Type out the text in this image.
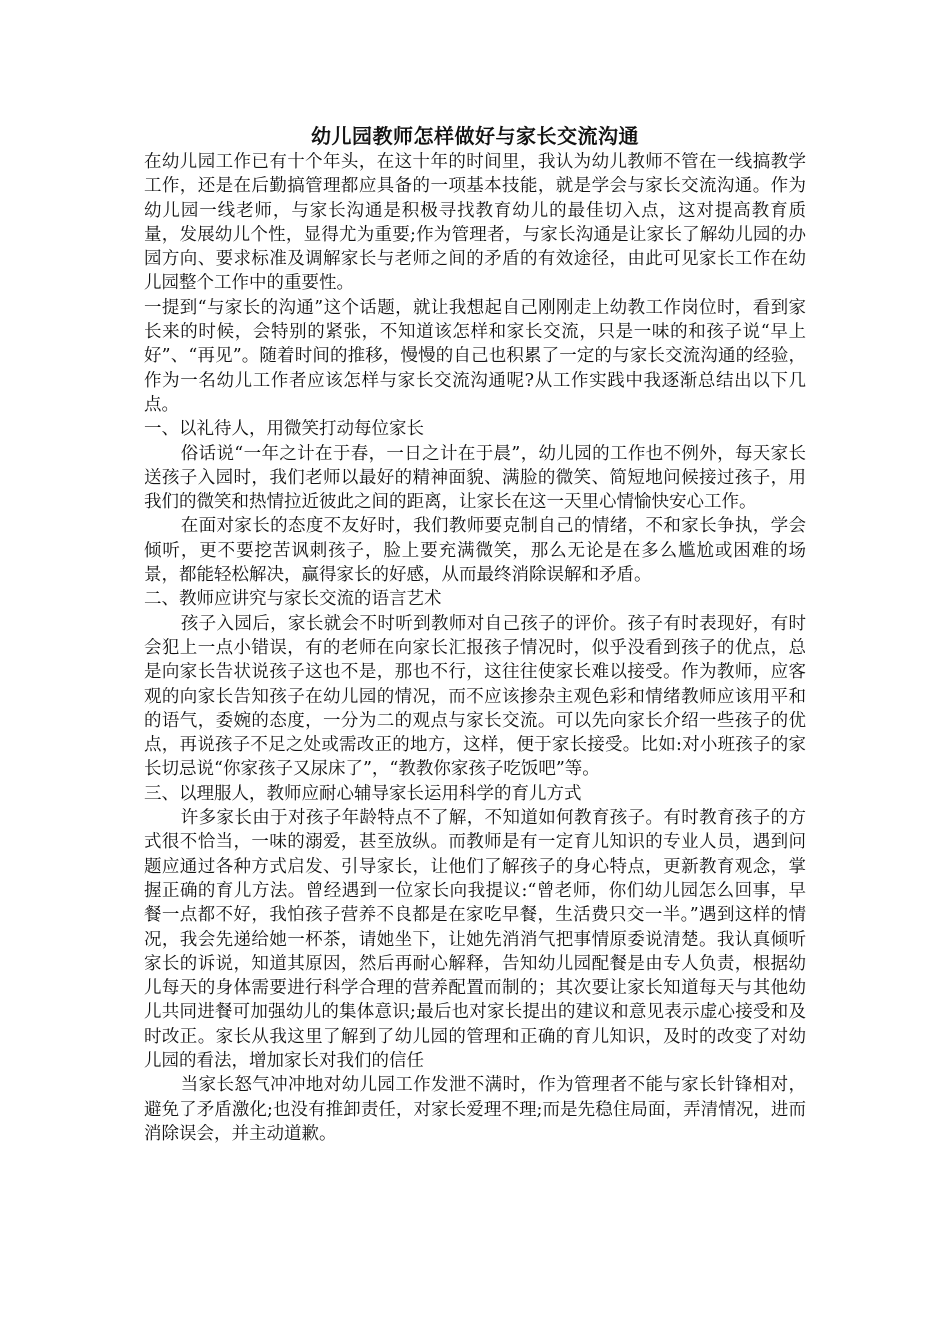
幼儿园教师怎样做好与家长交流沟通

在幼儿园工作已有十个年头，在这十年的时间里，我认为幼儿教师不管在一线搞教学工作，还是在后勤搞管理都应具备的一项基本技能，就是学会与家长交流沟通。作为幼儿园一线老师，与家长沟通是积极寻找教育幼儿的最佳切入点，这对提高教育质量，发展幼儿个性，显得尤为重要;作为管理者，与家长沟通是让家长了解幼儿园的办园方向、要求标准及调解家长与老师之间的矛盾的有效途径，由此可见家长工作在幼儿园整个工作中的重要性。

一提到“与家长的沟通”这个话题，就让我想起自己刚刚走上幼教工作岗位时，看到家长来的时候，会特别的紧张，不知道该怎样和家长交流，只是一味的和孩子说“早上好”、“再见”。随着时间的推移，慢慢的自己也积累了一定的与家长交流沟通的经验，作为一名幼儿工作者应该怎样与家长交流沟通呢?从工作实践中我逐渐总结出以下几点。

一、以礼待人，用微笑打动每位家长

俗话说“一年之计在于春，一日之计在于晨”，幼儿园的工作也不例外，每天家长送孩子入园时，我们老师以最好的精神面貌、满脸的微笑、简短地问候接过孩子，用我们的微笑和热情拉近彼此之间的距离，让家长在这一天里心情愉快安心工作。

在面对家长的态度不友好时，我们教师要克制自己的情绪，不和家长争执，学会倾听，更不要挖苦讽刺孩子，脸上要充满微笑，那么无论是在多么尴尬或困难的场景，都能轻松解决，赢得家长的好感，从而最终消除误解和矛盾。

二、教师应讲究与家长交流的语言艺术

孩子入园后，家长就会不时听到教师对自己孩子的评价。孩子有时表现好，有时会犯上一点小错误，有的老师在向家长汇报孩子情况时，似乎没看到孩子的优点，总是向家长告状说孩子这也不是，那也不行，这往往使家长难以接受。作为教师，应客观的向家长告知孩子在幼儿园的情况，而不应该掺杂主观色彩和情绪教师应该用平和的语气，委婉的态度，一分为二的观点与家长交流。可以先向家长介绍一些孩子的优点，再说孩子不足之处或需改正的地方，这样，便于家长接受。比如:对小班孩子的家长切忌说“你家孩子又尿床了”，“教教你家孩子吃饭吧”等。

三、以理服人，教师应耐心辅导家长运用科学的育儿方式

许多家长由于对孩子年龄特点不了解，不知道如何教育孩子。有时教育孩子的方式很不恰当，一味的溺爱，甚至放纵。而教师是有一定育儿知识的专业人员，遇到问题应通过各种方式启发、引导家长，让他们了解孩子的身心特点，更新教育观念，掌握正确的育儿方法。曾经遇到一位家长向我提议:“曾老师，你们幼儿园怎么回事，早餐一点都不好，我怕孩子营养不良都是在家吃早餐，生活费只交一半。”遇到这样的情况，我会先递给她一杯茶，请她坐下，让她先消消气把事情原委说清楚。我认真倾听家长的诉说，知道其原因，然后再耐心解释，告知幼儿园配餐是由专人负责，根据幼儿每天的身体需要进行科学合理的营养配置而制的；其次要让家长知道每天与其他幼儿共同进餐可加强幼儿的集体意识;最后也对家长提出的建议和意见表示虚心接受和及时改正。家长从我这里了解到了幼儿园的管理和正确的育儿知识，及时的改变了对幼儿园的看法，增加家长对我们的信任

当家长怒气冲冲地对幼儿园工作发泄不满时，作为管理者不能与家长针锋相对，避免了矛盾激化;也没有推卸责任，对家长爱理不理;而是先稳住局面，弄清情况，进而消除误会，并主动道歉。
